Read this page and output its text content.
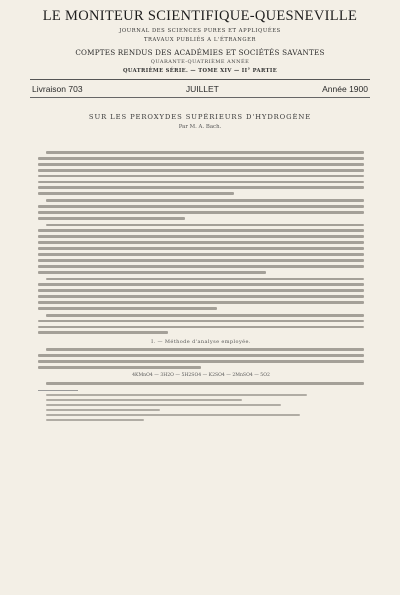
LE MONITEUR SCIENTIFIQUE-QUESNEVILLE
JOURNAL DES SCIENCES PURES ET APPLIQUÉES
TRAVAUX PUBLIÉS A L'ÉTRANGER
COMPTES RENDUS DES ACADÉMIES ET SOCIÉTÉS SAVANTES
QUARANTE-QUATRIÈME ANNÉE
QUATRIÈME SÉRIE. — TOME XIV — II° PARTIE
Livraison 703	JUILLET	Année 1900
SUR LES PEROXYDES SUPÉRIEURS D'HYDROGÈNE
Par M. A. Bach.
I. — Méthode d'analyse employée.
4KMnO4 — 3H2O — 5H2SO4 — K2SO4 — 2MnSO4 — 5O2
